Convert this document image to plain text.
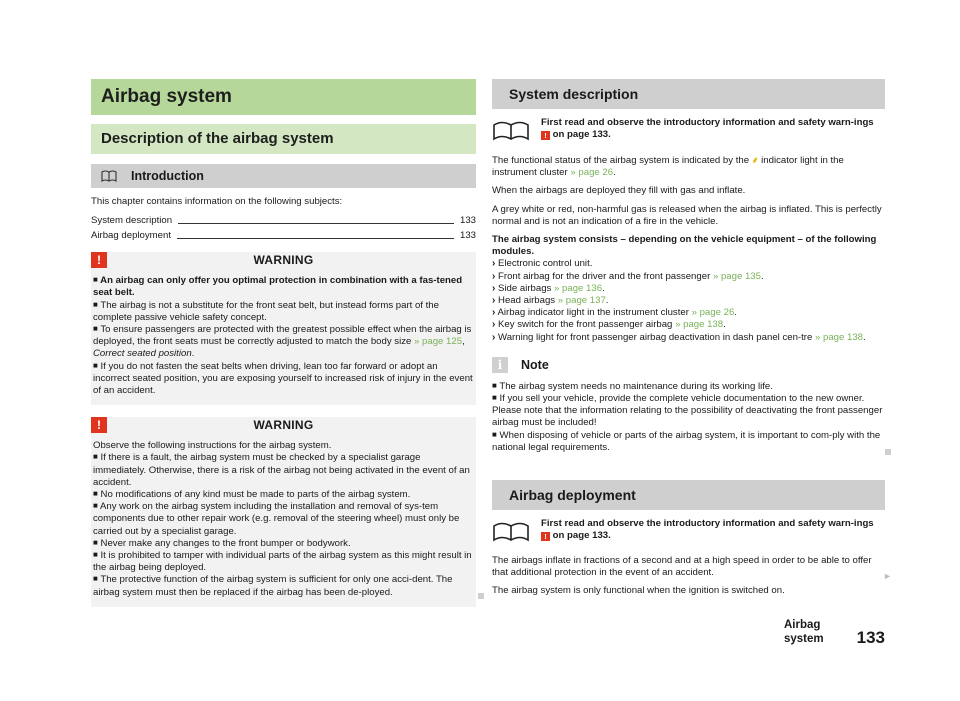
Airbag system
Description of the airbag system
Introduction

This chapter contains information on the following subjects:

System description	133
Airbag deployment	133
!	WARNING

■ An airbag can only offer you optimal protection in combination with a fas-tened seat belt.

■ The airbag is not a substitute for the front seat belt, but instead forms part of the complete passive vehicle safety concept.

■ To ensure passengers are protected with the greatest possible effect when the airbag is deployed, the front seats must be correctly adjusted to match the body size » page 125, Correct seated position.

■ If you do not fasten the seat belts when driving, lean too far forward or adopt an incorrect seated position, you are exposing yourself to increased risk of injury in the event of an accident.

!	WARNING

Observe the following instructions for the airbag system.

■ If there is a fault, the airbag system must be checked by a specialist garage immediately. Otherwise, there is a risk of the airbag not being activated in the event of an accident.

■ No modifications of any kind must be made to parts of the airbag system.

■ Any work on the airbag system including the installation and removal of sys-tem components due to other repair work (e.g. removal of the steering wheel) must only be carried out by a specialist garage.

■ Never make any changes to the front bumper or bodywork.

■ It is prohibited to tamper with individual parts of the airbag system as this might result in the airbag being deployed.

■ The protective function of the airbag system is sufficient for only one acci-dent. The airbag system must then be replaced if the airbag has been de-ployed.

System description
First read and observe the introductory information and safety warn-ings ! on page 133.

The functional status of the airbag system is indicated by the ⸙ indicator light in the instrument cluster » page 26.

When the airbags are deployed they fill with gas and inflate.

A grey white or red, non-harmful gas is released when the airbag is inflated. This is perfectly normal and is not an indication of a fire in the vehicle.

The airbag system consists – depending on the vehicle equipment – of the following modules.

› Electronic control unit.

› Front airbag for the driver and the front passenger » page 135.

› Side airbags » page 136.

› Head airbags » page 137.

› Airbag indicator light in the instrument cluster » page 26.

› Key switch for the front passenger airbag » page 138.

› Warning light for front passenger airbag deactivation in dash panel cen-tre » page 138.

i	Note

■ The airbag system needs no maintenance during its working life.

■ If you sell your vehicle, provide the complete vehicle documentation to the new owner. Please note that the information relating to the possibility of deactivating the front passenger airbag must be included!

■ When disposing of vehicle or parts of the airbag system, it is important to com-ply with the national legal requirements.

Airbag deployment
First read and observe the introductory information and safety warn-ings ! on page 133.

The airbags inflate in fractions of a second and at a high speed in order to be able to offer that additional protection in the event of an accident.

The airbag system is only functional when the ignition is switched on.

►
Airbag system	133
